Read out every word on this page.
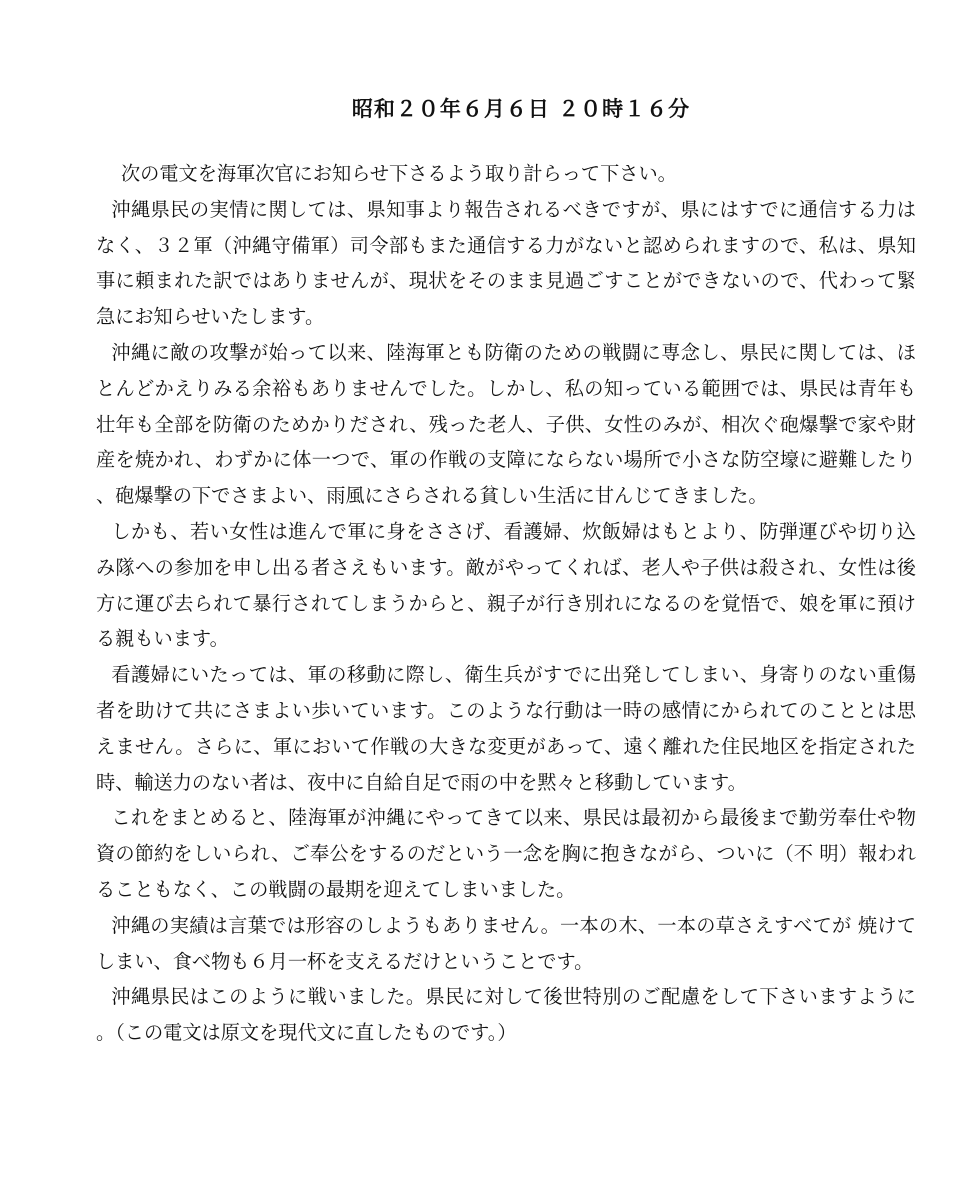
昭和２０年６月６日 ２０時１６分

次の電文を海軍次官にお知らせ下さるよう取り計らって下さい。

沖縄県民の実情に関しては、県知事より報告されるべきですが、県にはすでに通信する力はなく、３２軍（沖縄守備軍）司令部もまた通信する力がないと認められますので、私は、県知事に頼まれた訳ではありませんが、現状をそのまま見過ごすことができないので、代わって緊急にお知らせいたします。

沖縄に敵の攻撃が始って以来、陸海軍とも防衛のための戦闘に専念し、県民に関しては、ほとんどかえりみる余裕もありませんでした。しかし、私の知っている範囲では、県民は青年も壮年も全部を防衛のためかりだされ、残った老人、子供、女性のみが、相次ぐ砲爆撃で家や財産を焼かれ、わずかに体一つで、軍の作戦の支障にならない場所で小さな防空壕に避難したり、砲爆撃の下でさまよい、雨風にさらされる貧しい生活に甘んじてきました。

しかも、若い女性は進んで軍に身をささげ、看護婦、炊飯婦はもとより、防弾運びや切り込み隊への参加を申し出る者さえもいます。敵がやってくれば、老人や子供は殺され、女性は後方に運び去られて暴行されてしまうからと、親子が行き別れになるのを覚悟で、娘を軍に預ける親もいます。

看護婦にいたっては、軍の移動に際し、衛生兵がすでに出発してしまい、身寄りのない重傷者を助けて共にさまよい歩いています。このような行動は一時の感情にかられてのこととは思えません。さらに、軍において作戦の大きな変更があって、遠く離れた住民地区を指定された時、輸送力のない者は、夜中に自給自足で雨の中を黙々と移動しています。

これをまとめると、陸海軍が沖縄にやってきて以来、県民は最初から最後まで勤労奉仕や物資の節約をしいられ、ご奉公をするのだという一念を胸に抱きながら、ついに（不 明）報われることもなく、この戦闘の最期を迎えてしまいました。

沖縄の実績は言葉では形容のしようもありません。一本の木、一本の草さえすべてが 焼けてしまい、食べ物も６月一杯を支えるだけということです。

沖縄県民はこのように戦いました。県民に対して後世特別のご配慮をして下さいますように。（この電文は原文を現代文に直したものです。）
